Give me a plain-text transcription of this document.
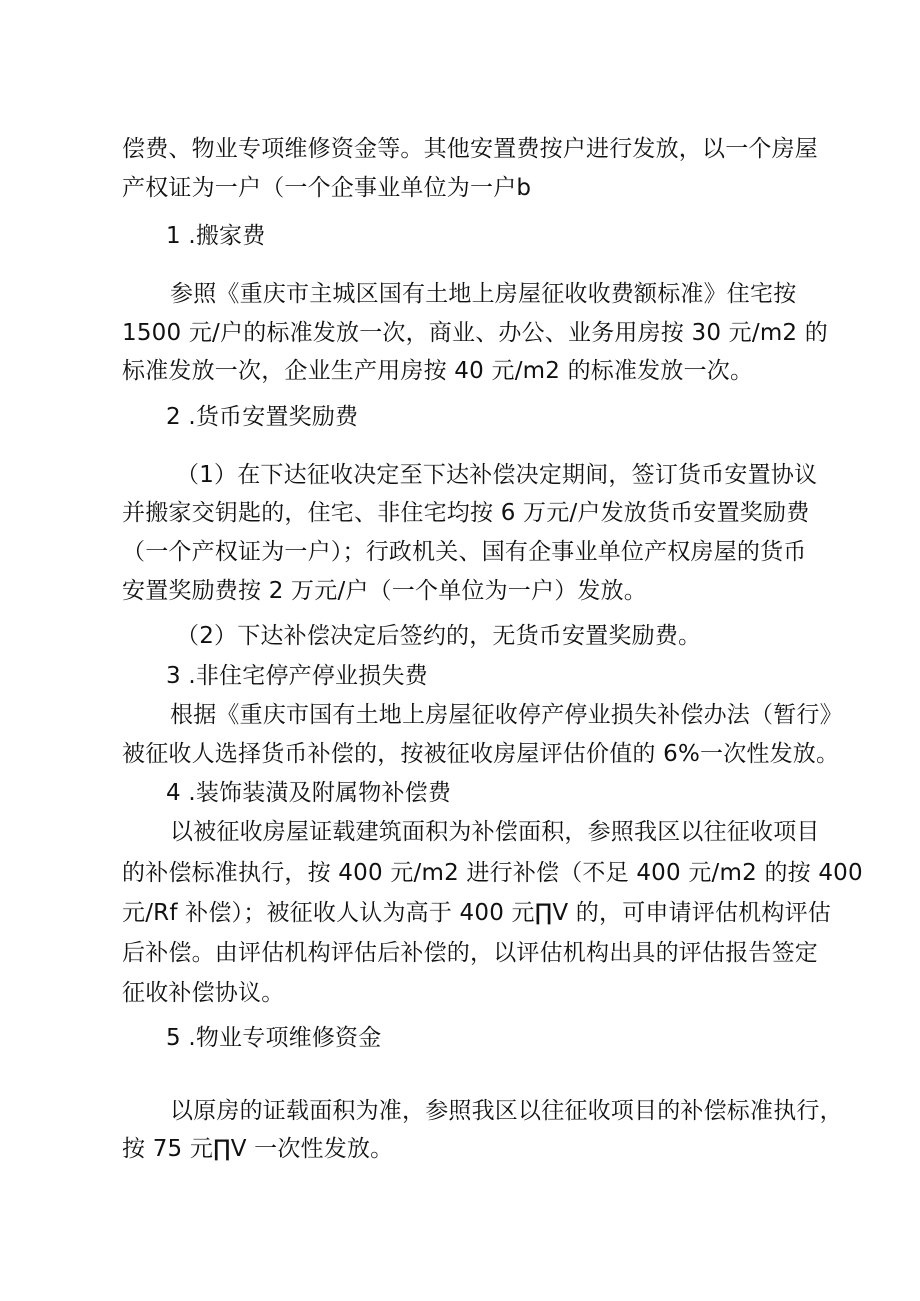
偿费、物业专项维修资金等。其他安置费按户进行发放，以一个房屋
产权证为一户（一个企事业单位为一户b
1 .搬家费
参照《重庆市主城区国有土地上房屋征收收费额标准》住宅按
1500 元/户的标准发放一次，商业、办公、业务用房按 30 元/m2 的
标准发放一次，企业生产用房按 40 元/m2 的标准发放一次。
2 .货币安置奖励费
（1）在下达征收决定至下达补偿决定期间，签订货币安置协议
并搬家交钥匙的，住宅、非住宅均按 6 万元/户发放货币安置奖励费
（一个产权证为一户）；行政机关、国有企事业单位产权房屋的货币
安置奖励费按 2 万元/户（一个单位为一户）发放。
（2）下达补偿决定后签约的，无货币安置奖励费。
3 .非住宅停产停业损失费
根据《重庆市国有土地上房屋征收停产停业损失补偿办法（暂行》
被征收人选择货币补偿的，按被征收房屋评估价值的 6%一次性发放。
4 .装饰装潢及附属物补偿费
以被征收房屋证载建筑面积为补偿面积，参照我区以往征收项目
的补偿标准执行，按 400 元/m2 进行补偿（不足 400 元/m2 的按 400
元/Rf 补偿）；被征收人认为高于 400 元∏V 的，可申请评估机构评估
后补偿。由评估机构评估后补偿的，以评估机构出具的评估报告签定
征收补偿协议。
5 .物业专项维修资金
以原房的证载面积为准，参照我区以往征收项目的补偿标准执行，
按 75 元∏V 一次性发放。
